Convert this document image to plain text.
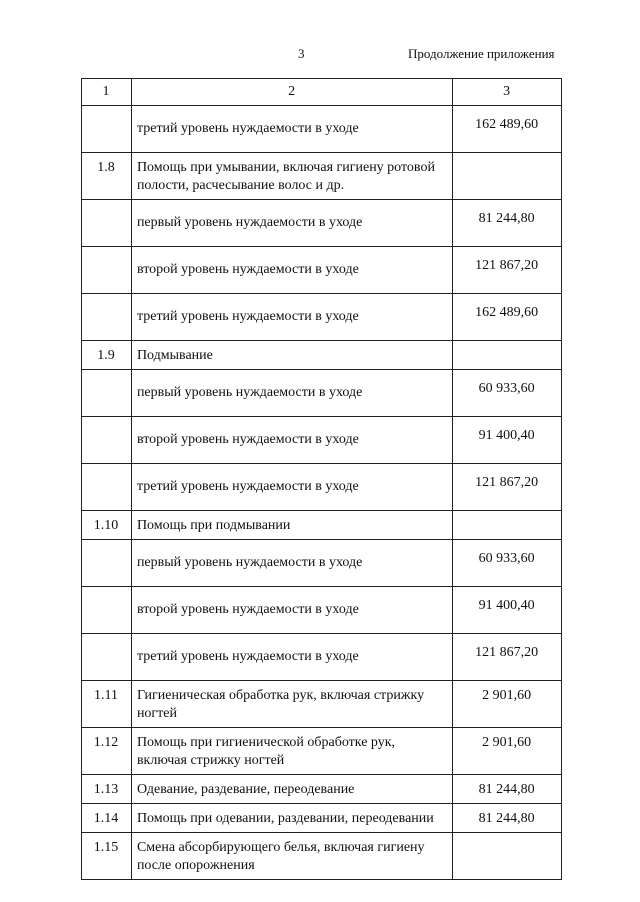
3	Продолжение приложения
1	2	3
	третий уровень нуждаемости в уходе	162 489,60
1.8	Помощь при умывании, включая гигиену ротовой полости, расчесывание волос и др.	
	первый уровень нуждаемости в уходе	81 244,80
	второй уровень нуждаемости в уходе	121 867,20
	третий уровень нуждаемости в уходе	162 489,60
1.9	Подмывание	
	первый уровень нуждаемости в уходе	60 933,60
	второй уровень нуждаемости в уходе	91 400,40
	третий уровень нуждаемости в уходе	121 867,20
1.10	Помощь при подмывании	
	первый уровень нуждаемости в уходе	60 933,60
	второй уровень нуждаемости в уходе	91 400,40
	третий уровень нуждаемости в уходе	121 867,20
1.11	Гигиеническая обработка рук, включая стрижку ногтей	2 901,60
1.12	Помощь при гигиенической обработке рук, включая стрижку ногтей	2 901,60
1.13	Одевание, раздевание, переодевание	81 244,80
1.14	Помощь при одевании, раздевании, переодевании	81 244,80
1.15	Смена абсорбирующего белья, включая гигиену после опорожнения	
